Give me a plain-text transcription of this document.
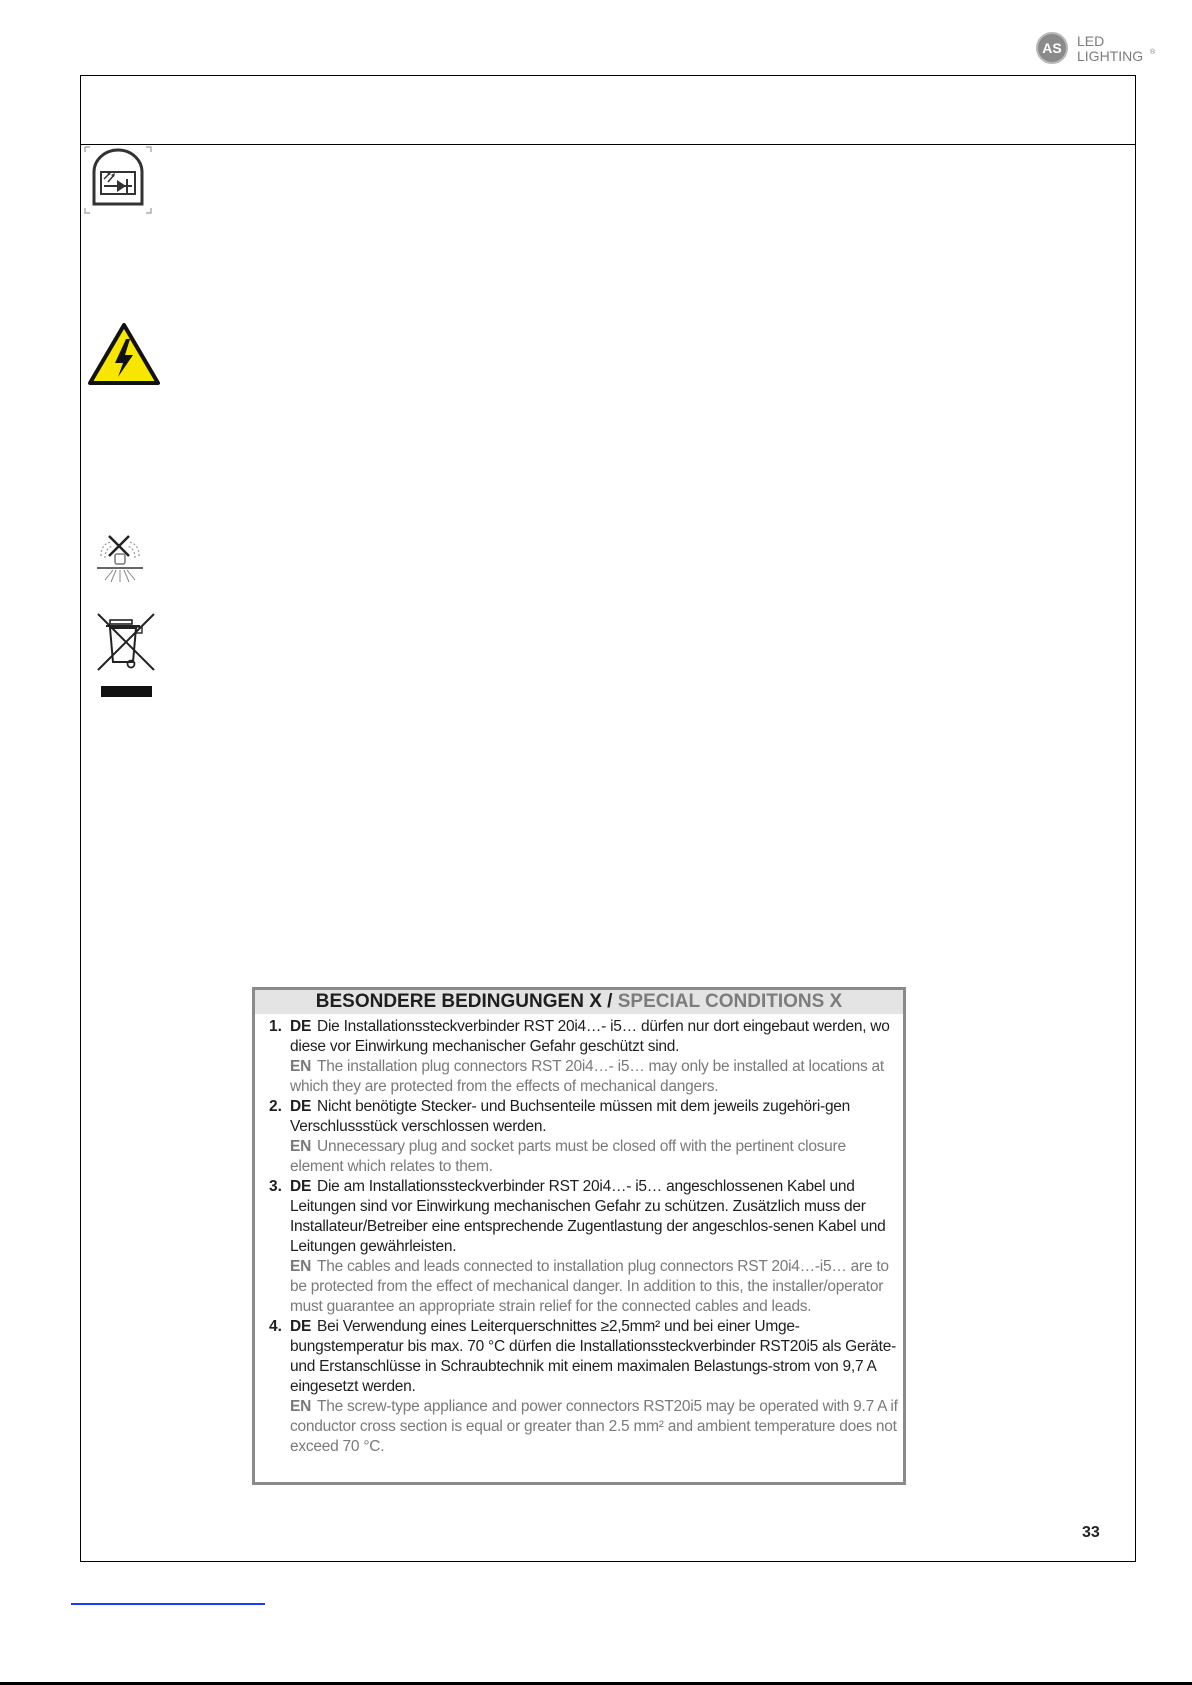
AS	LED
LIGHTING ®
BESONDERE BEDINGUNGEN X / SPECIAL CONDITIONS X
1. DE Die Installationssteckverbinder RST 20i4…- i5… dürfen nur dort eingebaut werden, wo diese vor Einwirkung mechanischer Gefahr geschützt sind.

EN The installation plug connectors RST 20i4…- i5… may only be installed at locations at which they are protected from the effects of mechanical dangers.

2. DE Nicht benötigte Stecker- und Buchsenteile müssen mit dem jeweils zugehöri-gen Verschlussstück verschlossen werden.

EN Unnecessary plug and socket parts must be closed off with the pertinent closure element which relates to them.

3. DE Die am Installationssteckverbinder RST 20i4…- i5… angeschlossenen Kabel und Leitungen sind vor Einwirkung mechanischen Gefahr zu schützen. Zusätzlich muss der Installateur/Betreiber eine entsprechende Zugentlastung der angeschlos-senen Kabel und Leitungen gewährleisten.

EN The cables and leads connected to installation plug connectors RST 20i4…-i5… are to be protected from the effect of mechanical danger. In addition to this, the installer/operator must guarantee an appropriate strain relief for the connected cables and leads.

4. DE Bei Verwendung eines Leiterquerschnittes ≥2,5mm² und bei einer Umge-bungstemperatur bis max. 70 °C dürfen die Installationssteckverbinder RST20i5 als Geräte- und Erstanschlüsse in Schraubtechnik mit einem maximalen Belastungs-strom von 9,7 A eingesetzt werden.

EN The screw-type appliance and power connectors RST20i5 may be operated with 9.7 A if conductor cross section is equal or greater than 2.5 mm² and ambient temperature does not exceed 70 °C.

33
